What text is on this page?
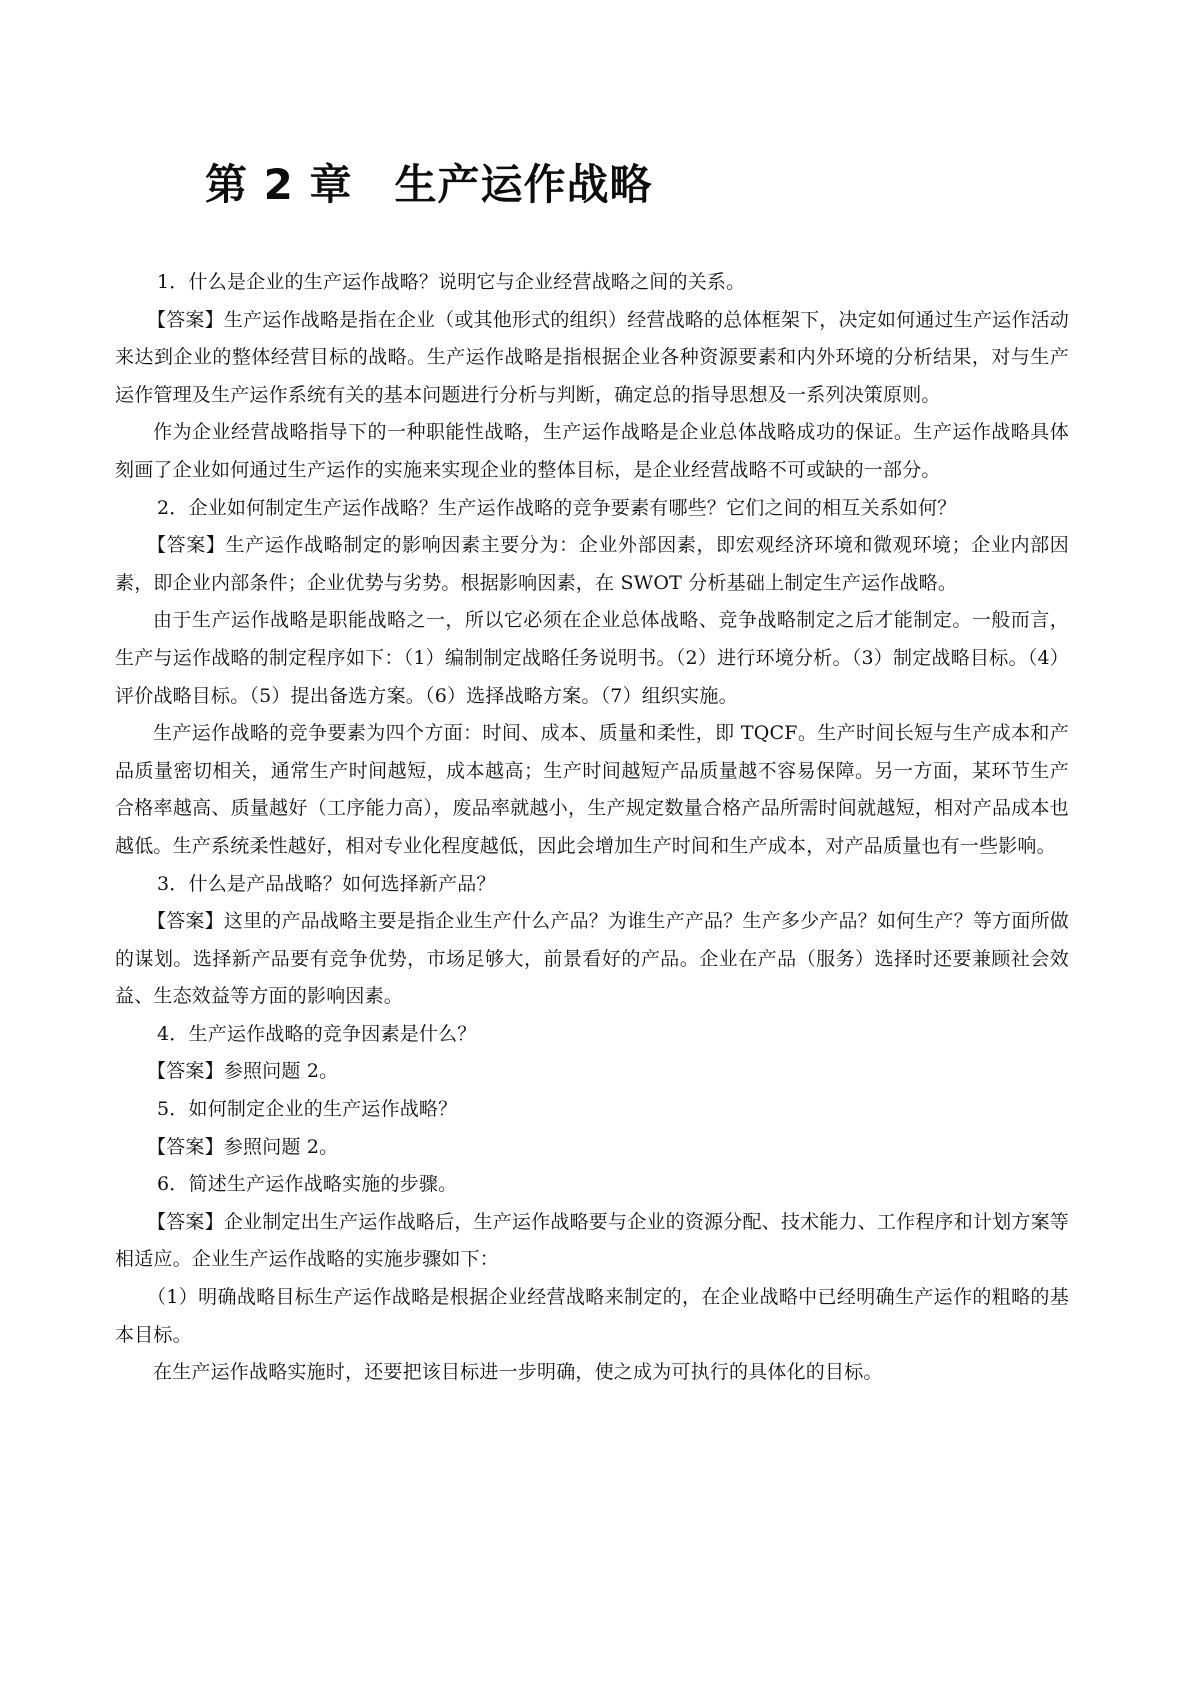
第 2 章 生产运作战略

1．什么是企业的生产运作战略？说明它与企业经营战略之间的关系。

【答案】生产运作战略是指在企业（或其他形式的组织）经营战略的总体框架下，决定如何通过生产运作活动来达到企业的整体经营目标的战略。生产运作战略是指根据企业各种资源要素和内外环境的分析结果，对与生产运作管理及生产运作系统有关的基本问题进行分析与判断，确定总的指导思想及一系列决策原则。

作为企业经营战略指导下的一种职能性战略，生产运作战略是企业总体战略成功的保证。生产运作战略具体刻画了企业如何通过生产运作的实施来实现企业的整体目标，是企业经营战略不可或缺的一部分。

2．企业如何制定生产运作战略？生产运作战略的竞争要素有哪些？它们之间的相互关系如何？

【答案】生产运作战略制定的影响因素主要分为：企业外部因素，即宏观经济环境和微观环境；企业内部因素，即企业内部条件；企业优势与劣势。根据影响因素，在 SWOT 分析基础上制定生产运作战略。

由于生产运作战略是职能战略之一，所以它必须在企业总体战略、竞争战略制定之后才能制定。一般而言，生产与运作战略的制定程序如下：（1）编制制定战略任务说明书。（2）进行环境分析。（3）制定战略目标。（4）评价战略目标。（5）提出备选方案。（6）选择战略方案。（7）组织实施。

生产运作战略的竞争要素为四个方面：时间、成本、质量和柔性，即 TQCF。生产时间长短与生产成本和产品质量密切相关，通常生产时间越短，成本越高；生产时间越短产品质量越不容易保障。另一方面，某环节生产合格率越高、质量越好（工序能力高），废品率就越小，生产规定数量合格产品所需时间就越短，相对产品成本也越低。生产系统柔性越好，相对专业化程度越低，因此会增加生产时间和生产成本，对产品质量也有一些影响。

3．什么是产品战略？如何选择新产品？

【答案】这里的产品战略主要是指企业生产什么产品？为谁生产产品？生产多少产品？如何生产？等方面所做的谋划。选择新产品要有竞争优势，市场足够大，前景看好的产品。企业在产品（服务）选择时还要兼顾社会效益、生态效益等方面的影响因素。

4．生产运作战略的竞争因素是什么？

【答案】参照问题 2。

5．如何制定企业的生产运作战略？

【答案】参照问题 2。

6．简述生产运作战略实施的步骤。

【答案】企业制定出生产运作战略后，生产运作战略要与企业的资源分配、技术能力、工作程序和计划方案等相适应。企业生产运作战略的实施步骤如下：

（1）明确战略目标生产运作战略是根据企业经营战略来制定的，在企业战略中已经明确生产运作的粗略的基本目标。

在生产运作战略实施时，还要把该目标进一步明确，使之成为可执行的具体化的目标。
